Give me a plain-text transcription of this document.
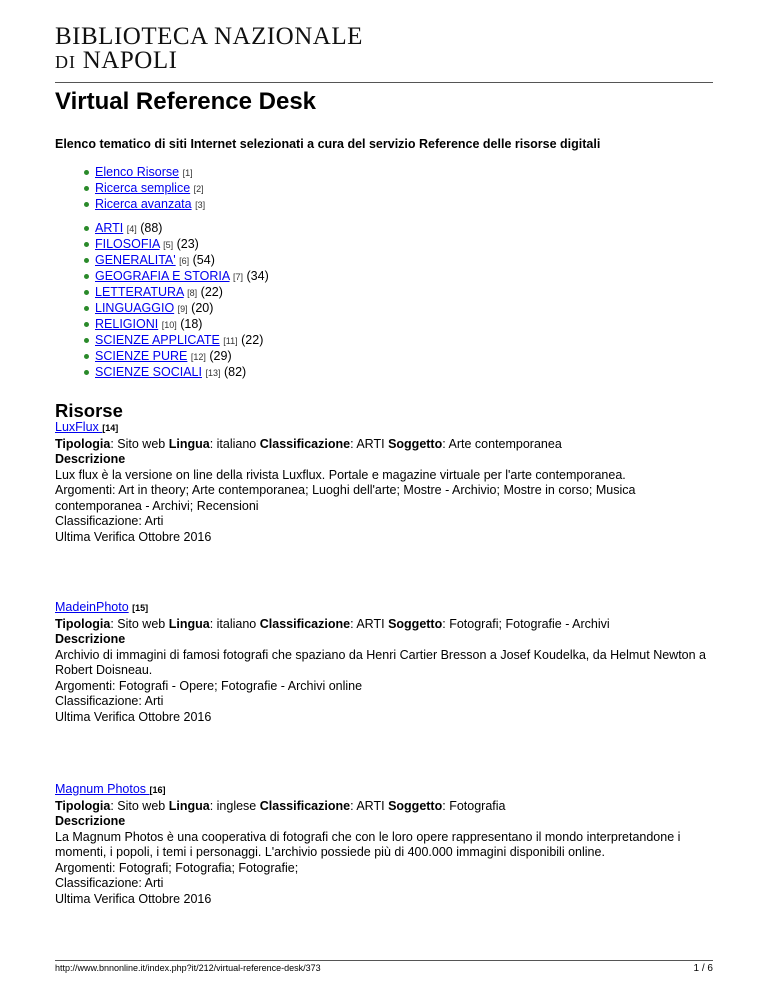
BIBLIOTECA NAZIONALE
DI NAPOLI
Virtual Reference Desk
Elenco tematico di siti Internet selezionati a cura del servizio Reference delle risorse digitali
Elenco Risorse [1]
Ricerca semplice [2]
Ricerca avanzata [3]
ARTI [4] (88)
FILOSOFIA [5] (23)
GENERALITA' [6] (54)
GEOGRAFIA E STORIA [7] (34)
LETTERATURA [8] (22)
LINGUAGGIO [9] (20)
RELIGIONI [10] (18)
SCIENZE APPLICATE [11] (22)
SCIENZE PURE [12] (29)
SCIENZE SOCIALI [13] (82)
Risorse
LuxFlux [14]
Tipologia: Sito web Lingua: italiano Classificazione: ARTI Soggetto: Arte contemporanea
Descrizione
Lux flux è la versione on line della rivista Luxflux. Portale e magazine virtuale per l'arte contemporanea.
Argomenti: Art in theory; Arte contemporanea; Luoghi dell'arte; Mostre - Archivio; Mostre in corso; Musica contemporanea - Archivi; Recensioni
Classificazione: Arti
Ultima Verifica Ottobre 2016
MadeinPhoto [15]
Tipologia: Sito web Lingua: italiano Classificazione: ARTI Soggetto: Fotografi; Fotografie - Archivi
Descrizione
Archivio di immagini di famosi fotografi che spaziano da Henri Cartier Bresson a Josef Koudelka, da Helmut Newton a Robert Doisneau.
Argomenti: Fotografi - Opere; Fotografie - Archivi online
Classificazione: Arti
Ultima Verifica Ottobre 2016
Magnum Photos [16]
Tipologia: Sito web Lingua: inglese Classificazione: ARTI Soggetto: Fotografia
Descrizione
La Magnum Photos è una cooperativa di fotografi che con le loro opere rappresentano il mondo interpretandone i momenti, i popoli, i temi i personaggi. L'archivio possiede più di 400.000 immagini disponibili online.
Argomenti: Fotografi; Fotografia; Fotografie;
Classificazione: Arti
Ultima Verifica Ottobre 2016
http://www.bnnonline.it/index.php?it/212/virtual-reference-desk/373	1 / 6
